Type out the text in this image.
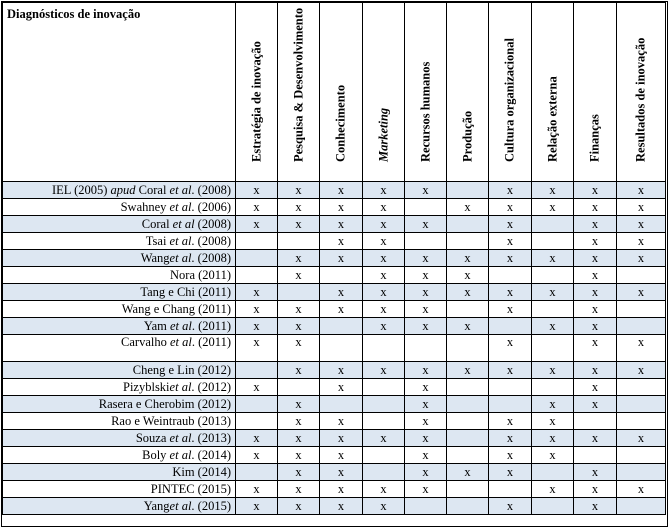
Diagnósticos de inovação	Estratégia de inovação	Pesquisa & Desenvolvimento	Conhecimento	Marketing	Recursos humanos	Produção	Cultura organizacional	Relação externa	Finanças	Resultados de inovação

IEL (2005) apud Coral et al. (2008)	x	x	x	x	x		x	x	x	x
Swahney et al. (2006)	x	x	x	x		x	x	x	x	x
Coral et al (2008)	x	x	x	x	x		x		x	x
Tsai et al. (2008)			x	x			x		x	x
Wanget al. (2008)		x	x	x	x	x	x	x	x	x
Nora (2011)		x		x	x	x			x	
Tang e Chi (2011)	x		x	x	x	x	x	x	x	x
Wang e Chang (2011)	x	x	x	x	x		x		x	
Yam et al. (2011)	x	x		x	x	x		x	x	
Carvalho et al. (2011)	x	x					x		x	x
Cheng e Lin (2012)		x	x	x	x	x	x	x	x	x
Pizyblskiet al. (2012)	x		x		x				x	
Rasera e Cherobim (2012)		x			x			x	x	
Rao e Weintraub (2013)		x	x		x		x	x		
Souza et al. (2013)	x	x	x	x	x		x	x	x	x
Boly et al. (2014)	x	x	x		x		x	x		
Kim (2014)		x	x		x	x	x		x	
PINTEC (2015)	x	x	x	x	x			x	x	x
Yanget al. (2015)	x	x	x	x			x		x	
